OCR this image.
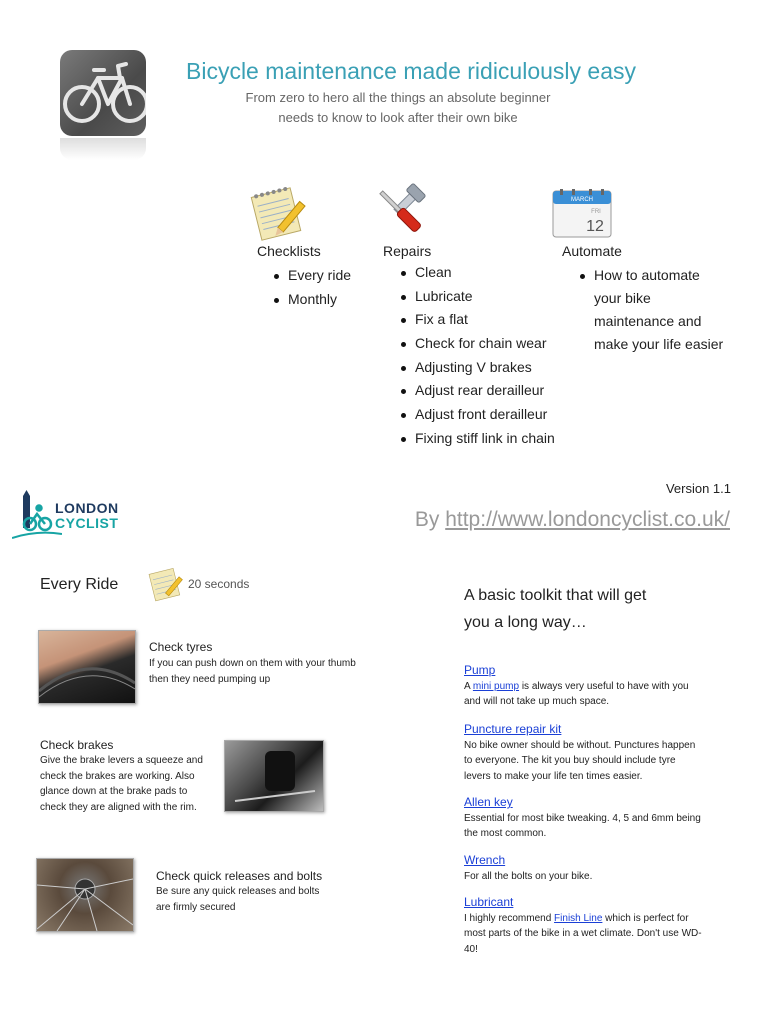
Bicycle maintenance made ridiculously easy
From zero to hero all the things an absolute beginner
needs to know to look after their own bike
Checklists
Every ride
Monthly
Repairs
Clean
Lubricate
Fix a flat
Check for chain wear
Adjusting V brakes
Adjust rear derailleur
Adjust front derailleur
Fixing stiff link in chain
MARCH
FRI
12
Automate
How to automate your bike maintenance and make your life easier
Version 1.1
By http://www.londoncyclist.co.uk/
LONDON
CYCLIST
Every Ride	20 seconds
Check tyres
If you can push down on them with your thumb
then they need pumping up
Check brakes
Give the brake levers a squeeze and
check the brakes are working. Also
glance down at the brake pads to
check they are aligned with the rim.
Check quick releases and bolts
Be sure any quick releases and bolts
are firmly secured
A basic toolkit that will get
you a long way…
Pump
A mini pump is always very useful to have with you and will not take up much space.
Puncture repair kit
No bike owner should be without. Punctures happen to everyone. The kit you buy should include tyre levers to make your life ten times easier.
Allen key
Essential for most bike tweaking. 4, 5 and 6mm being the most common.
Wrench
For all the bolts on your bike.
Lubricant
I highly recommend Finish Line which is perfect for most parts of the bike in a wet climate. Don't use WD-40!
